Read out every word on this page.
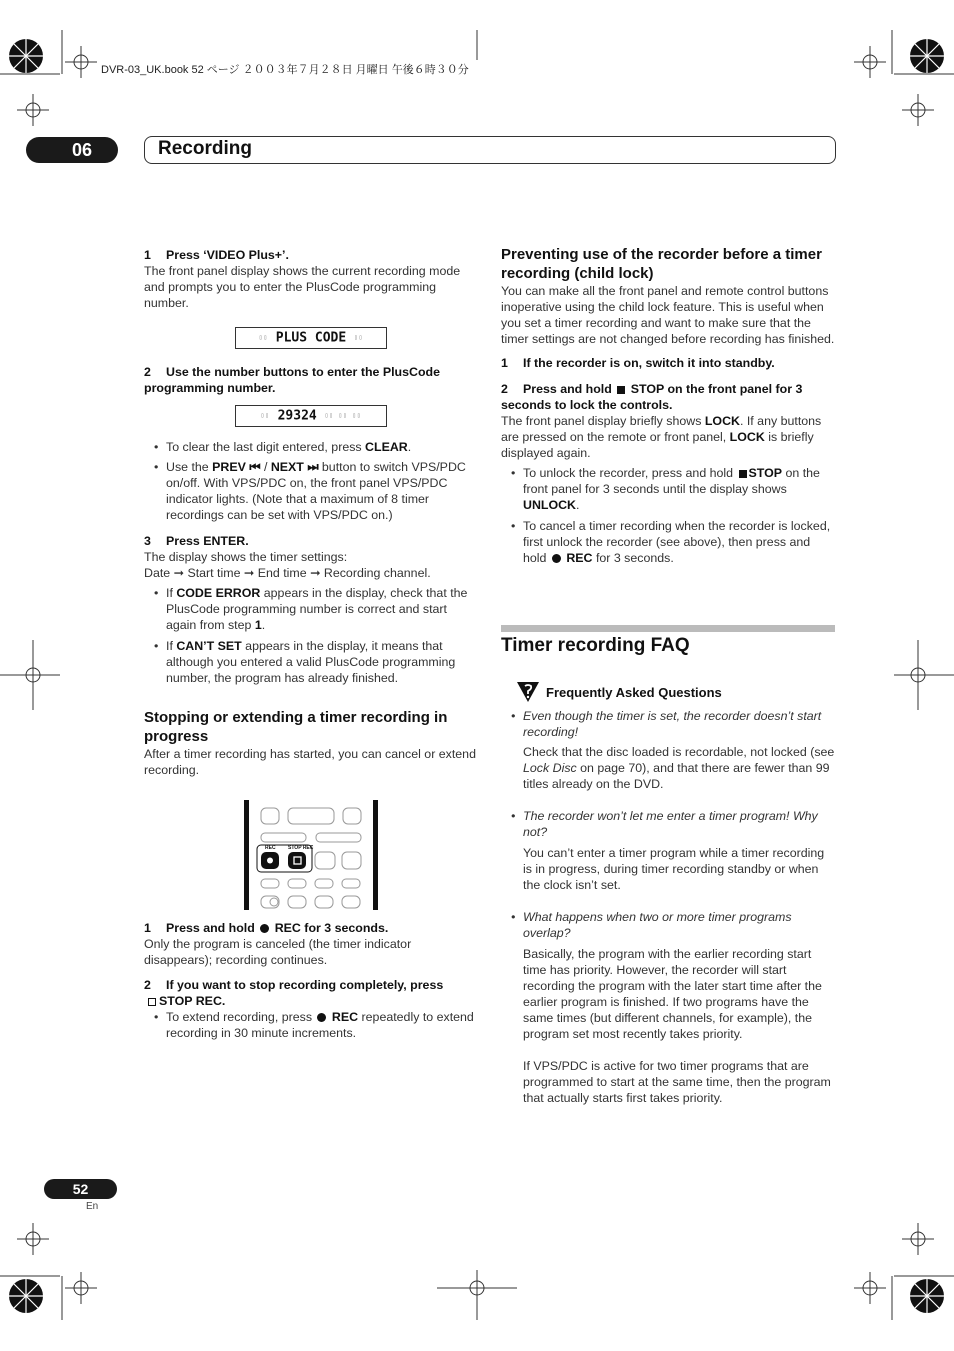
DVR-03_UK.book 52 ページ ２００３年７月２８日 月曜日 午後６時３０分
06	Recording

1 Press ‘VIDEO Plus+’.

The front panel display shows the current recording mode and prompts you to enter the PlusCode programming number.

▯▯ PLUS CODE ▯▯

2 Use the number buttons to enter the PlusCode programming number.

▯▯ 29324 ▯▯ ▯▯ ▯▯

• To clear the last digit entered, press CLEAR.

• Use the PREV ⏮ / NEXT ⏭ button to switch VPS/PDC on/off. With VPS/PDC on, the front panel VPS/PDC indicator lights. (Note that a maximum of 8 timer recordings can be set with VPS/PDC on.)

3 Press ENTER.

The display shows the timer settings:

Date ➞ Start time ➞ End time ➞ Recording channel.

• If CODE ERROR appears in the display, check that the PlusCode programming number is correct and start again from step 1.

• If CAN’T SET appears in the display, it means that although you entered a valid PlusCode programming number, the program has already finished.

Stopping or extending a timer recording in progress

After a timer recording has started, you can cancel or extend recording.

REC STOP REC

1 Press and hold  REC for 3 seconds.

Only the program is canceled (the timer indicator disappears); recording continues.

2 If you want to stop recording completely, press

STOP REC.

• To extend recording, press  REC repeatedly to extend recording in 30 minute increments.

Preventing use of the recorder before a timer recording (child lock)

You can make all the front panel and remote control buttons inoperative using the child lock feature. This is useful when you set a timer recording and want to make sure that the timer settings are not changed before recording has finished.

1 If the recorder is on, switch it into standby.

2 Press and hold  STOP on the front panel for 3 seconds to lock the controls.

The front panel display briefly shows LOCK. If any buttons are pressed on the remote or front panel, LOCK is briefly displayed again.

• To unlock the recorder, press and hold STOP on the front panel for 3 seconds until the display shows UNLOCK.

• To cancel a timer recording when the recorder is locked, first unlock the recorder (see above), then press and hold  REC for 3 seconds.

Timer recording FAQ
Frequently Asked Questions

• Even though the timer is set, the recorder doesn’t start recording!

Check that the disc loaded is recordable, not locked (see Lock Disc on page 70), and that there are fewer than 99 titles already on the DVD.

• The recorder won’t let me enter a timer program! Why not?

You can’t enter a timer program while a timer recording is in progress, during timer recording standby or when the clock isn’t set.

• What happens when two or more timer programs overlap?

Basically, the program with the earlier recording start time has priority. However, the recorder will start recording the program with the later start time after the earlier program is finished. If two programs have the same times (but different channels, for example), the program set most recently takes priority.

If VPS/PDC is active for two timer programs that are programmed to start at the same time, then the program that actually starts first takes priority.

52
En
